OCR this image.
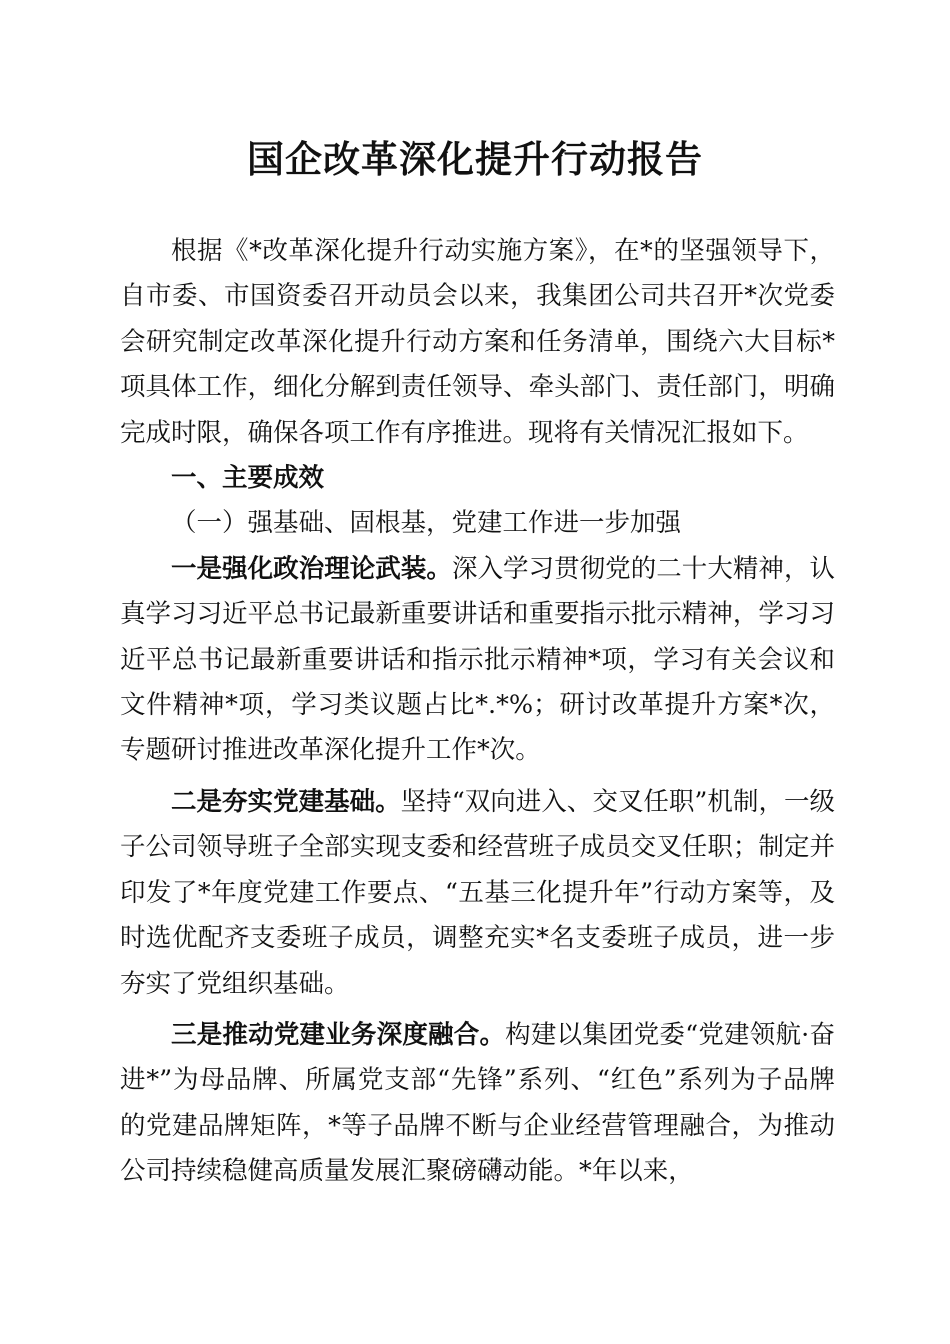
国企改革深化提升行动报告

根据《*改革深化提升行动实施方案》，在*的坚强领导下，自市委、市国资委召开动员会以来，我集团公司共召开*次党委会研究制定改革深化提升行动方案和任务清单，围绕六大目标*项具体工作，细化分解到责任领导、牵头部门、责任部门，明确完成时限，确保各项工作有序推进。现将有关情况汇报如下。

一、主要成效

（一）强基础、固根基，党建工作进一步加强

一是强化政治理论武装。深入学习贯彻党的二十大精神，认真学习习近平总书记最新重要讲话和重要指示批示精神，学习习近平总书记最新重要讲话和指示批示精神*项，学习有关会议和文件精神*项，学习类议题占比*.*%；研讨改革提升方案*次，专题研讨推进改革深化提升工作*次。

二是夯实党建基础。坚持“双向进入、交叉任职”机制，一级子公司领导班子全部实现支委和经营班子成员交叉任职；制定并印发了*年度党建工作要点、“五基三化提升年”行动方案等，及时选优配齐支委班子成员，调整充实*名支委班子成员，进一步夯实了党组织基础。

三是推动党建业务深度融合。构建以集团党委“党建领航·奋进*”为母品牌、所属党支部“先锋”系列、“红色”系列为子品牌的党建品牌矩阵，*等子品牌不断与企业经营管理融合，为推动公司持续稳健高质量发展汇聚磅礴动能。*年以来，
